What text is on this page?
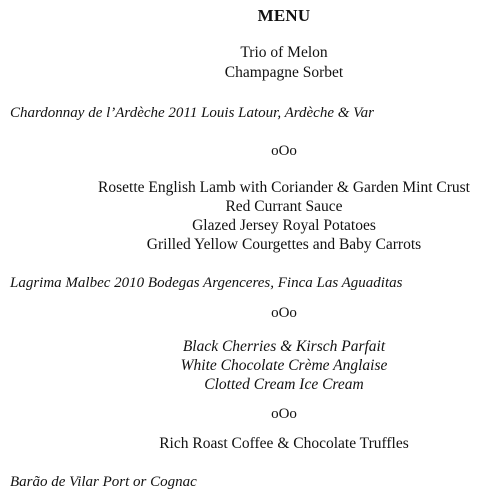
MENU
Trio of Melon
Champagne Sorbet
Chardonnay de l’Ardèche 2011 Louis Latour, Ardèche & Var
oOo
Rosette English Lamb with Coriander & Garden Mint Crust
Red Currant Sauce
Glazed Jersey Royal Potatoes
Grilled Yellow Courgettes and Baby Carrots
Lagrima Malbec 2010 Bodegas Argenceres, Finca Las Aguaditas
oOo
Black Cherries & Kirsch Parfait
White Chocolate Crème Anglaise
Clotted Cream Ice Cream
oOo
Rich Roast Coffee & Chocolate Truffles
Barão de Vilar Port or Cognac
